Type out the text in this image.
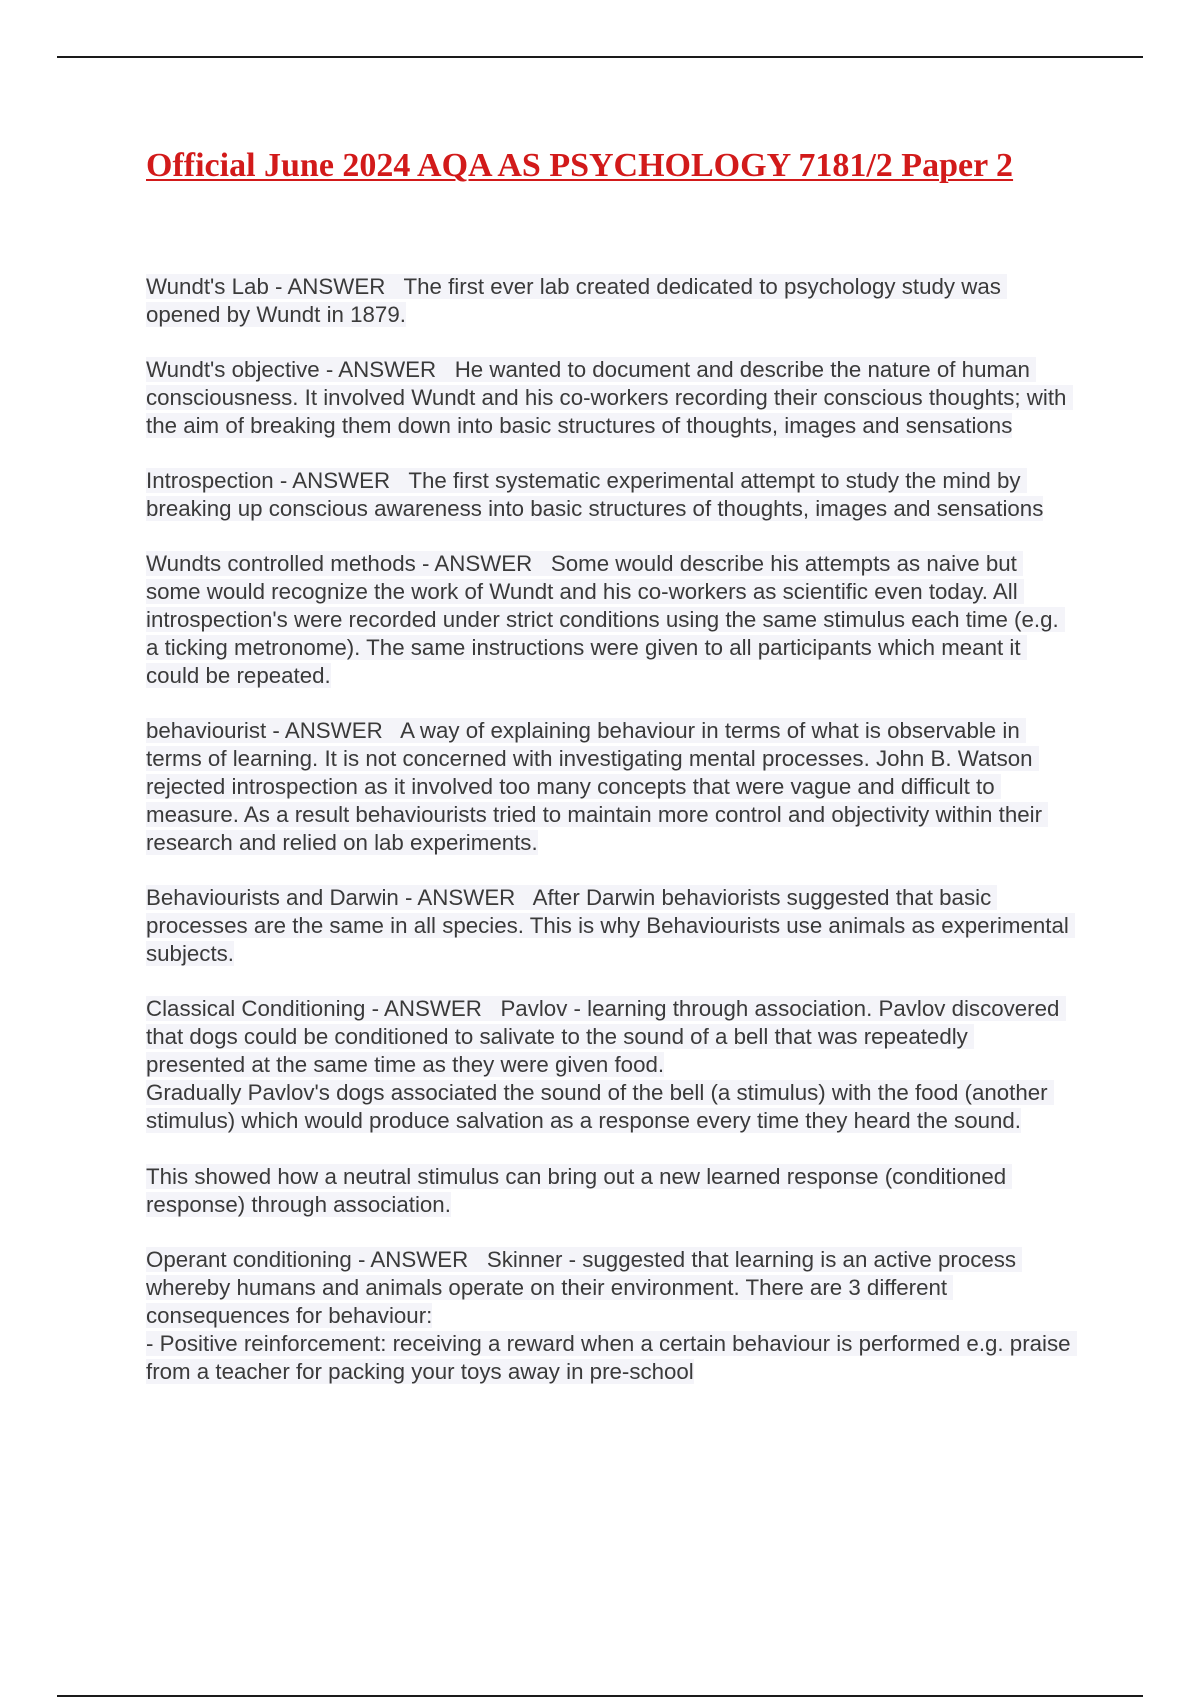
Official June 2024 AQA AS PSYCHOLOGY 7181/2 Paper 2

Wundt's Lab - ANSWER The first ever lab created dedicated to psychology study was opened by Wundt in 1879.

Wundt's objective - ANSWER He wanted to document and describe the nature of human consciousness. It involved Wundt and his co-workers recording their conscious thoughts; with the aim of breaking them down into basic structures of thoughts, images and sensations

Introspection - ANSWER The first systematic experimental attempt to study the mind by breaking up conscious awareness into basic structures of thoughts, images and sensations

Wundts controlled methods - ANSWER Some would describe his attempts as naive but some would recognize the work of Wundt and his co-workers as scientific even today. All introspection's were recorded under strict conditions using the same stimulus each time (e.g. a ticking metronome). The same instructions were given to all participants which meant it could be repeated.

behaviourist - ANSWER A way of explaining behaviour in terms of what is observable in terms of learning. It is not concerned with investigating mental processes. John B. Watson rejected introspection as it involved too many concepts that were vague and difficult to measure. As a result behaviourists tried to maintain more control and objectivity within their research and relied on lab experiments.

Behaviourists and Darwin - ANSWER After Darwin behaviorists suggested that basic processes are the same in all species. This is why Behaviourists use animals as experimental subjects.

Classical Conditioning - ANSWER Pavlov - learning through association. Pavlov discovered that dogs could be conditioned to salivate to the sound of a bell that was repeatedly presented at the same time as they were given food.
Gradually Pavlov's dogs associated the sound of the bell (a stimulus) with the food (another stimulus) which would produce salvation as a response every time they heard the sound.

This showed how a neutral stimulus can bring out a new learned response (conditioned response) through association.

Operant conditioning - ANSWER Skinner - suggested that learning is an active process whereby humans and animals operate on their environment. There are 3 different consequences for behaviour:
- Positive reinforcement: receiving a reward when a certain behaviour is performed e.g. praise from a teacher for packing your toys away in pre-school
